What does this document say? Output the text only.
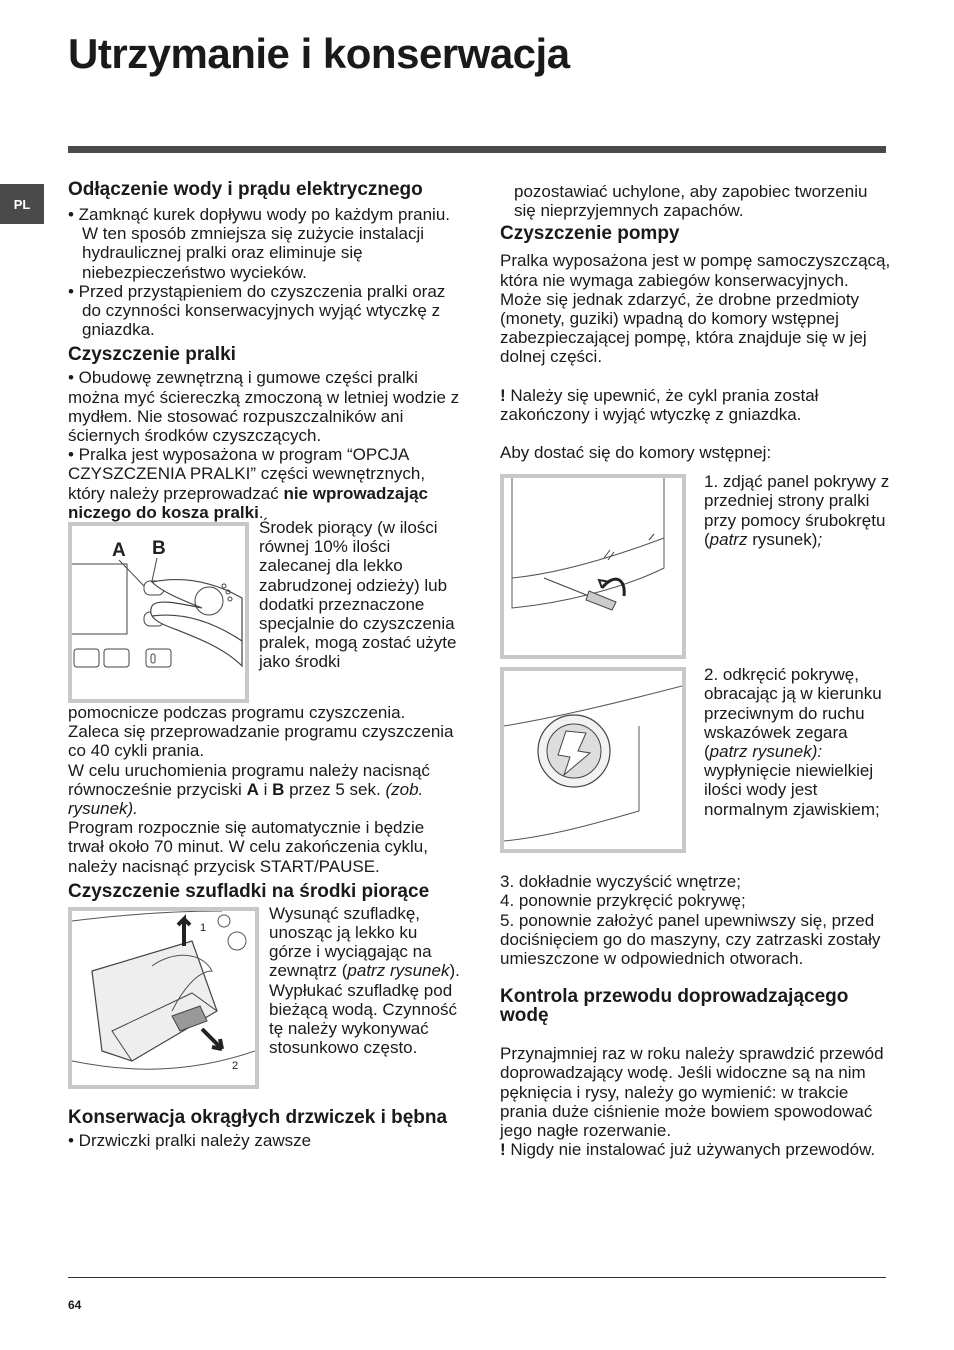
Utrzymanie i konserwacja
PL
Odłączenie wody i prądu elektrycznego

• Zamknąć kurek dopływu wody po każdym praniu. W ten sposób zmniejsza się zużycie instalacji hydraulicznej pralki oraz eliminuje się niebezpieczeństwo wycieków.

• Przed przystąpieniem do czyszczenia pralki oraz do czynności konserwacyjnych wyjąć wtyczkę z gniazdka.

Czyszczenie pralki

• Obudowę zewnętrzną i gumowe części pralki można myć ściereczką zmoczoną w letniej wodzie z mydłem. Nie stosować rozpuszczalników ani ściernych środków czyszczących.

• Pralka jest wyposażona w program “OPCJA CZYSZCZENIA PRALKI” części wewnętrznych, który należy przeprowadzać nie wprowadzając niczego do kosza pralki.

A B

Środek piorący (w ilości równej 10% ilości zalecanej dla lekko zabrudzonej odzieży) lub dodatki przeznaczone specjalnie do czyszczenia pralek, mogą zostać użyte jako środki

pomocnicze podczas programu czyszczenia. Zaleca się przeprowadzanie programu czyszczenia co 40 cykli prania.

W celu uruchomienia programu należy nacisnąć równocześnie przyciski A i B przez 5 sek. (zob. rysunek).

Program rozpocznie się automatycznie i będzie trwał około 70 minut. W celu zakończenia cyklu, należy nacisnąć przycisk START/PAUSE.

Czyszczenie szufladki na środki piorące
1
2

Wysunąć szufladkę, unosząc ją lekko ku górze i wyciągając na zewnątrz (patrz rysunek). Wypłukać szufladkę pod bieżącą wodą. Czynność tę należy wykonywać stosunkowo często.

Konserwacja okrągłych drzwiczek i bębna

• Drzwiczki pralki należy zawsze

pozostawiać uchylone, aby zapobiec tworzeniu się nieprzyjemnych zapachów.

Czyszczenie pompy

Pralka wyposażona jest w pompę samoczyszczącą, która nie wymaga zabiegów konserwacyjnych. Może się jednak zdarzyć, że drobne przedmioty (monety, guziki) wpadną do komory wstępnej zabezpieczającej pompę, która znajduje się w jej dolnej części.

! Należy się upewnić, że cykl prania został zakończony i wyjąć wtyczkę z gniazdka.

Aby dostać się do komory wstępnej:

1. zdjąć panel pokrywy z przedniej strony pralki przy pomocy śrubokrętu (patrz rysunek);

2. odkręcić pokrywę, obracając ją w kierunku przeciwnym do ruchu wskazówek zegara (patrz rysunek): wypłynięcie niewielkiej ilości wody jest normalnym zjawiskiem;

3. dokładnie wyczyścić wnętrze;

4. ponownie przykręcić pokrywę;

5. ponownie założyć panel upewniwszy się, przed dociśnięciem go do maszyny, czy zatrzaski zostały umieszczone w odpowiednich otworach.

Kontrola przewodu doprowadzającego wodę

Przynajmniej raz w roku należy sprawdzić przewód doprowadzający wodę. Jeśli widoczne są na nim pęknięcia i rysy, należy go wymienić: w trakcie prania duże ciśnienie może bowiem spowodować jego nagłe rozerwanie.

! Nigdy nie instalować już używanych przewodów.

64
